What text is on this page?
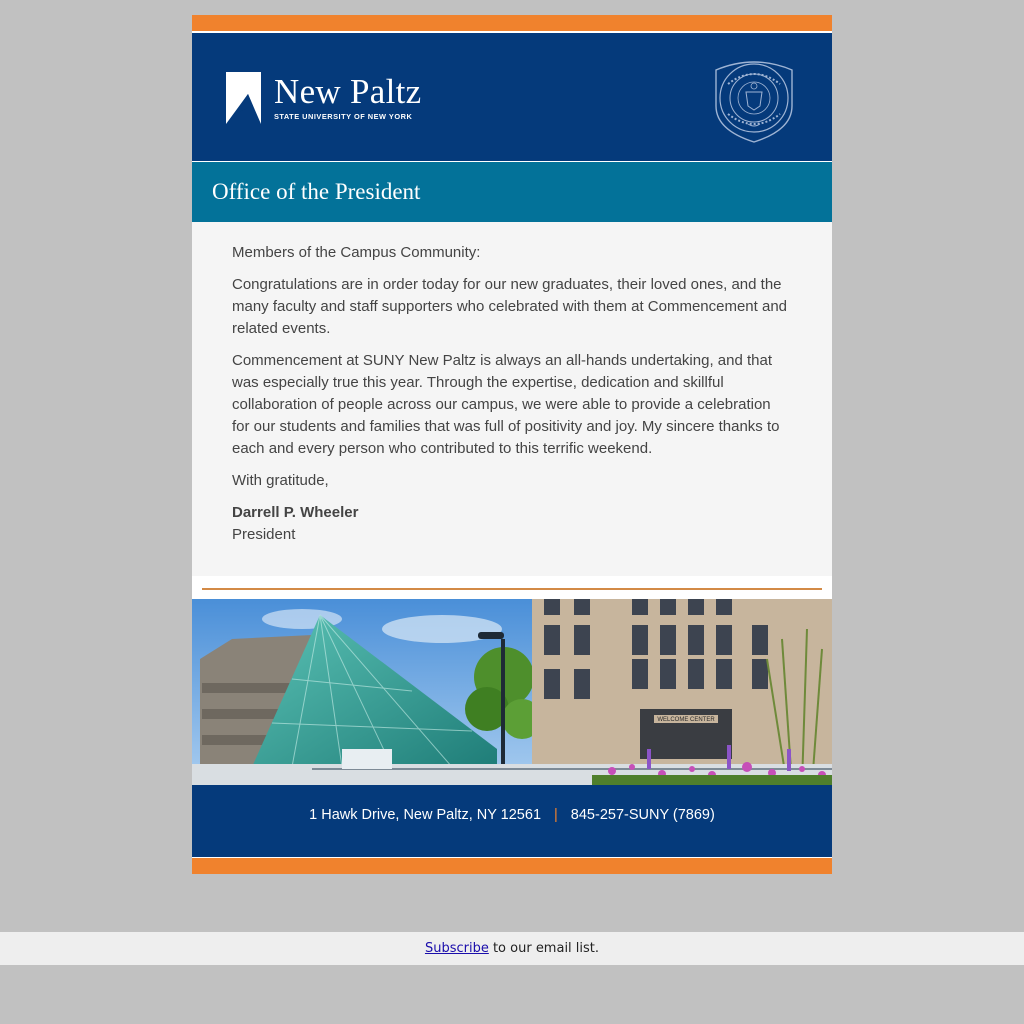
New Paltz
STATE UNIVERSITY OF NEW YORK
Office of the President

Members of the Campus Community:

Congratulations are in order today for our new graduates, their loved ones, and the many faculty and staff supporters who celebrated with them at Commencement and related events.

Commencement at SUNY New Paltz is always an all-hands undertaking, and that was especially true this year. Through the expertise, dedication and skillful collaboration of people across our campus, we were able to provide a celebration for our students and families that was full of positivity and joy. My sincere thanks to each and every person who contributed to this terrific weekend.

With gratitude,

Darrell P. Wheeler
President
WELCOME CENTER
1 Hawk Drive, New Paltz, NY 12561 | 845-257-SUNY (7869)
Subscribe to our email list.
